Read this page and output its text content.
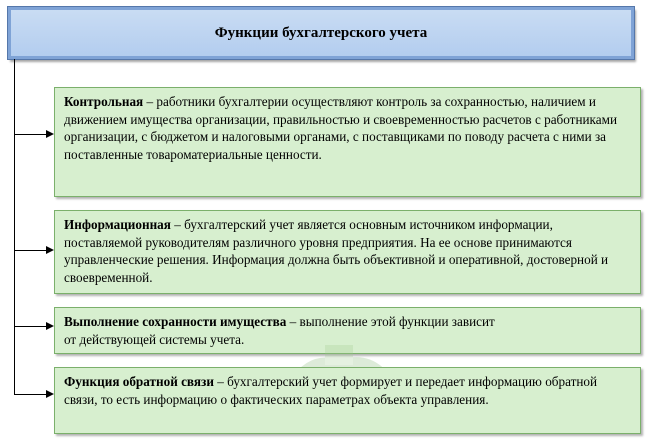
Функции бухгалтерского учета
Контрольная – работники бухгалтерии осуществляют контроль за сохранностью, наличием и движением имущества организации, правильностью и своевременностью расчетов с работниками организации, с бюджетом и налоговыми органами, с поставщиками по поводу расчета с ними за поставленные товароматериальные ценности.
Информационная – бухгалтерский учет является основным источником информации, поставляемой руководителям различного уровня предприятия. На ее основе принимаются управленческие решения. Информация должна быть объективной и оперативной, достоверной и своевременной.
Выполнение сохранности имущества – выполнение этой функции зависит от действующей системы учета.
Функция обратной связи – бухгалтерский учет формирует и передает информацию обратной связи, то есть информацию о фактических параметрах объекта управления.
